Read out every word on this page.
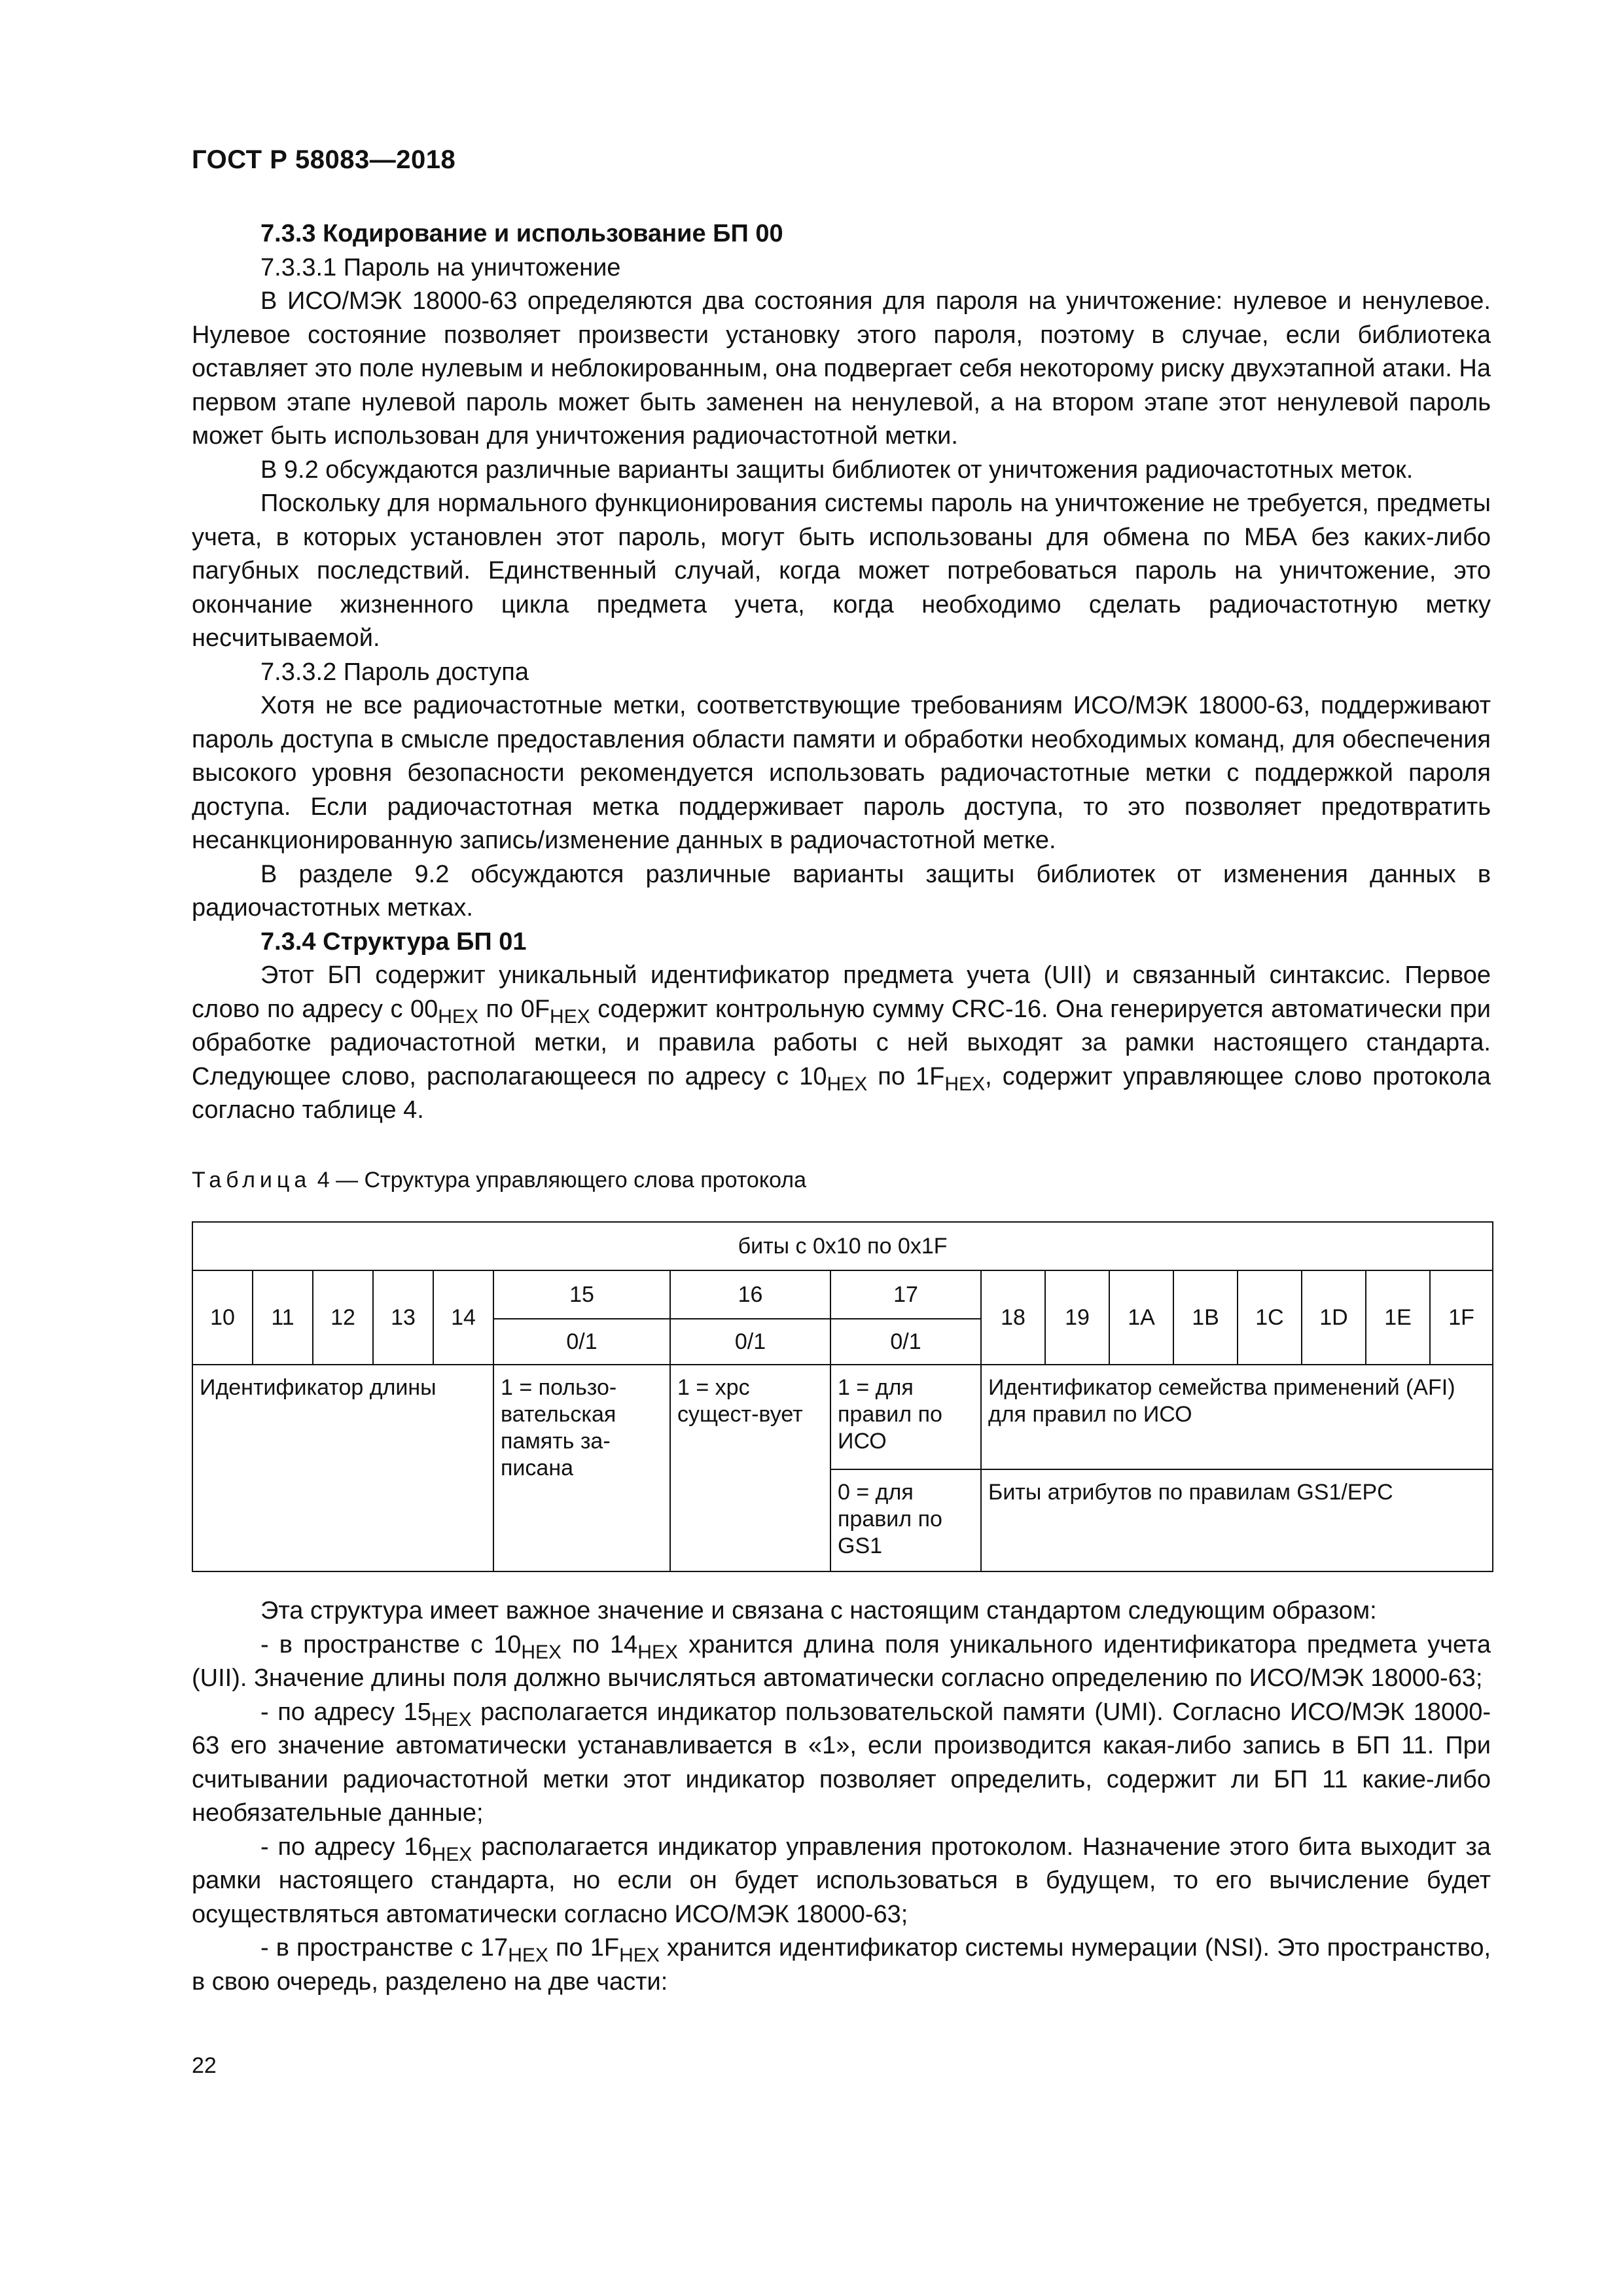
ГОСТ Р 58083—2018

7.3.3 Кодирование и использование БП 00

7.3.3.1 Пароль на уничтожение

В ИСО/МЭК 18000-63 определяются два состояния для пароля на уничтожение: нулевое и ненулевое. Нулевое состояние позволяет произвести установку этого пароля, поэтому в случае, если библиотека оставляет это поле нулевым и неблокированным, она подвергает себя некоторому риску двухэтапной атаки. На первом этапе нулевой пароль может быть заменен на ненулевой, а на втором этапе этот ненулевой пароль может быть использован для уничтожения радиочастотной метки.

В 9.2 обсуждаются различные варианты защиты библиотек от уничтожения радиочастотных меток.

Поскольку для нормального функционирования системы пароль на уничтожение не требуется, предметы учета, в которых установлен этот пароль, могут быть использованы для обмена по МБА без каких-либо пагубных последствий. Единственный случай, когда может потребоваться пароль на уничтожение, это окончание жизненного цикла предмета учета, когда необходимо сделать радиочастотную метку несчитываемой.

7.3.3.2 Пароль доступа

Хотя не все радиочастотные метки, соответствующие требованиям ИСО/МЭК 18000-63, поддерживают пароль доступа в смысле предоставления области памяти и обработки необходимых команд, для обеспечения высокого уровня безопасности рекомендуется использовать радиочастотные метки с поддержкой пароля доступа. Если радиочастотная метка поддерживает пароль доступа, то это позволяет предотвратить несанкционированную запись/изменение данных в радиочастотной метке.

В разделе 9.2 обсуждаются различные варианты защиты библиотек от изменения данных в радиочастотных метках.

7.3.4 Структура БП 01

Этот БП содержит уникальный идентификатор предмета учета (UII) и связанный синтаксис. Первое слово по адресу с $00_{HEX}$ по $0F_{HEX}$ содержит контрольную сумму CRC-16. Она генерируется автоматически при обработке радиочастотной метки, и правила работы с ней выходят за рамки настоящего стандарта. Следующее слово, располагающееся по адресу с $10_{HEX}$ по $1F_{HEX}$, содержит управляющее слово протокола согласно таблице 4.

Таблица 4 — Структура управляющего слова протокола
биты с 0x10 по 0x1F															
10	11	12	13	14	15	16	17	18	19	1A	1B	1C	1D	1E	1F
					0/1	0/1	0/1								
Идентификатор длины					1 = пользо-вательская память за-писана	1 = xpc сущест-вует	1 = для правил по ИСО	Идентификатор семейства применений (AFI) для правил по ИСО							
							0 = для правил по GS1	Биты атрибутов по правилам GS1/EPC							

Эта структура имеет важное значение и связана с настоящим стандартом следующим образом:

- в пространстве с $10_{HEX}$ по $14_{HEX}$ хранится длина поля уникального идентификатора предмета учета (UII). Значение длины поля должно вычисляться автоматически согласно определению по ИСО/МЭК 18000-63;

- по адресу $15_{HEX}$ располагается индикатор пользовательской памяти (UMI). Согласно ИСО/МЭК 18000-63 его значение автоматически устанавливается в «1», если производится какая-либо запись в БП 11. При считывании радиочастотной метки этот индикатор позволяет определить, содержит ли БП 11 какие-либо необязательные данные;

- по адресу $16_{HEX}$ располагается индикатор управления протоколом. Назначение этого бита выходит за рамки настоящего стандарта, но если он будет использоваться в будущем, то его вычисление будет осуществляться автоматически согласно ИСО/МЭК 18000-63;

- в пространстве с $17_{HEX}$ по $1F_{HEX}$ хранится идентификатор системы нумерации (NSI). Это пространство, в свою очередь, разделено на две части:

22
